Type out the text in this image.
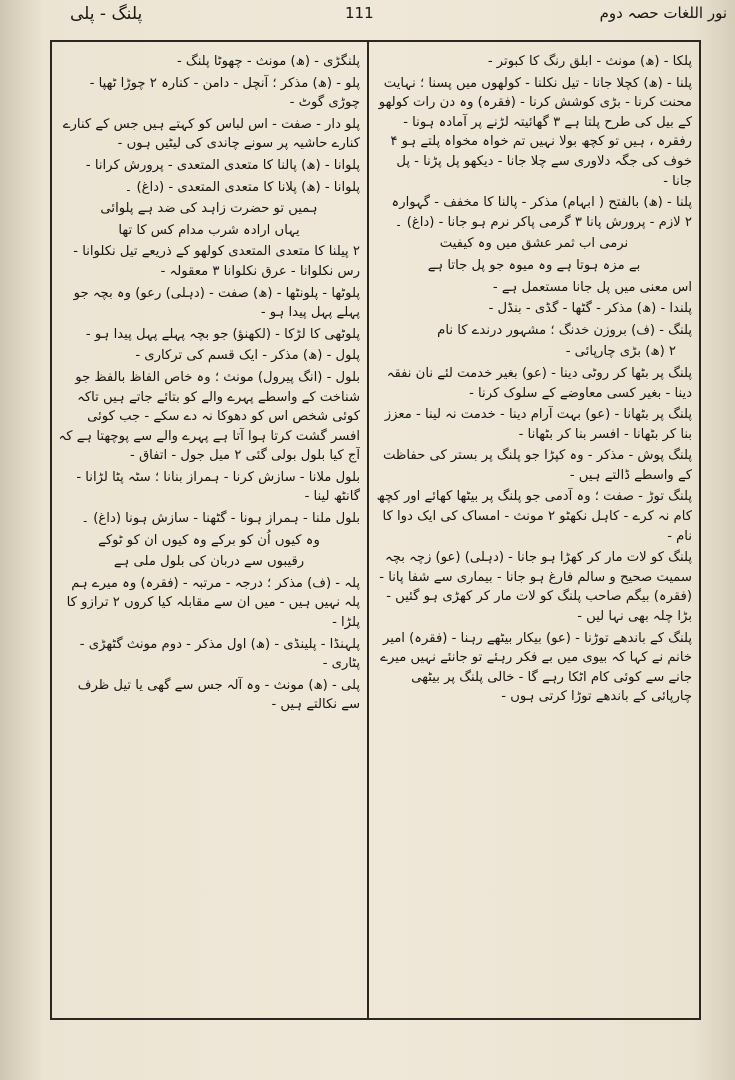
پلنگ - پلی	111	نور اللغات حصہ دوم

پلکا - (ھ) مونث - ابلق رنگ کا کبوتر -

پلنا - (ھ) کچلا جانا - تیل نکلنا - کولھوں میں پسنا ؛ نہایت محنت کرنا - بڑی کوشش کرنا - (فقرہ) وہ دن رات کولھو کے بیل کی طرح پلتا ہے ۳ گھائیتہ لڑنے پر آمادہ ہونا - رفقرہ ، ہیں تو کچھ بولا نہیں تم خواہ مخواہ پلتے ہو ۴ خوف کی جگہ دلاوری سے چلا جانا - دیکھو پل پڑنا - پل جانا -

پلنا - (ھ) بالفتح ( ابہام) مذکر - پالنا کا مخفف - گہوارہ ۲ لازم - پرورش پانا ۳ گرمی پاکر نرم ہو جانا - (داغ) ۔

نرمی اب ثمر عشق میں وہ کیفیت

بے مزہ ہوتا ہے وہ میوہ جو پل جاتا ہے

اس معنی میں پل جانا مستعمل ہے -

پلندا - (ھ) مذکر - گٹھا - گڈی - بنڈل -

پلنگ - (ف) بروزن خدنگ ؛ مشہور درندے کا نام

۲ (ھ) بڑی چارپائی -

پلنگ پر بٹھا کر روٹی دینا - (عو) بغیر خدمت لئے نان نفقہ دینا - بغیر کسی معاوضے کے سلوک کرنا -

پلنگ پر بٹھانا - (عو) بہت آرام دینا - خدمت نہ لینا - معزز بنا کر بٹھانا - افسر بنا کر بٹھانا -

پلنگ پوش - مذکر - وہ کپڑا جو پلنگ پر بستر کی حفاظت کے واسطے ڈالتے ہیں -

پلنگ توڑ - صفت ؛ وہ آدمی جو پلنگ پر بیٹھا کھائے اور کچھ کام نہ کرے - کاہل نکھٹو ۲ مونث - امساک کی ایک دوا کا نام -

پلنگ کو لات مار کر کھڑا ہو جانا - (دہلی) (عو) زچہ بچہ سمیت صحیح و سالم فارغ ہو جانا - بیماری سے شفا پانا - (فقرہ) بیگم صاحب پلنگ کو لات مار کر کھڑی ہو گئیں - بڑا چلہ بھی نہا لیں -

پلنگ کے باندھے توڑنا - (عو) بیکار بیٹھے رہنا - (فقرہ) امیر خانم نے کہا کہ بیوی میں بے فکر رہئے تو جانئے نہیں میرے جانے سے کوئی کام اٹکا رہے گا - خالی پلنگ پر بیٹھی چارپائی کے باندھے توڑا کرتی ہوں -

پلنگڑی - (ھ) مونث - چھوٹا پلنگ -

پلو - (ھ) مذکر ؛ آنچل - دامن - کنارہ ۲ چوڑا ٹھپا - چوڑی گوٹ -

پلو دار - صفت - اس لباس کو کہتے ہیں جس کے کنارے کنارے حاشیہ پر سونے چاندی کی لیٹیں ہوں -

پلوانا - (ھ) پالنا کا متعدی المتعدی - پرورش کرانا -

پلوانا - (ھ) پلانا کا متعدی المتعدی - (داغ) ۔

ہمیں تو حضرت زاہد کی ضد ہے پلوائی

یہاں ارادہ شرب مدام کس کا تھا

۲ پیلنا کا متعدی المتعدی کولھو کے ذریعے تیل نکلوانا - رس نکلوانا - عرق نکلوانا ۳ معقولہ -

پلوٹھا - پلونٹھا - (ھ) صفت - (دہلی) رعو) وہ بچہ جو پہلے پہل پیدا ہو -

پلوٹھی کا لڑکا - (لکھنؤ) جو بچہ پہلے پہل پیدا ہو -

پلول - (ھ) مذکر - ایک قسم کی ترکاری -

بلول - (انگ پیرول) مونث ؛ وہ خاص الفاظ بالفظ جو شناخت کے واسطے پہرے والے کو بتائے جاتے ہیں تاکہ کوئی شخص اس کو دھوکا نہ دے سکے - جب کوئی افسر گشت کرتا ہوا آتا ہے پہرے والے سے پوچھتا ہے کہ آج کیا بلول بولی گئی ۲ میل جول - اتفاق -

بلول ملانا - سازش کرنا - ہمراز بنانا ؛ سٹہ پٹا لڑانا - گانٹھ لینا -

بلول ملنا - ہمراز ہونا - گٹھنا - سازش ہونا (داغ) ۔

وہ کیوں اُن کو برکے وہ کیوں ان کو ٹوکے

رقیبوں سے دربان کی بلول ملی ہے

پلہ - (ف) مذکر ؛ درجہ - مرتبہ - (فقرہ) وہ میرے ہم پلہ نہیں ہیں - میں ان سے مقابلہ کیا کروں ۲ ترازو کا پلڑا -

پلہنڈا - پلینڈی - (ھ) اول مذکر - دوم مونث گٹھڑی - پٹاری -

پلی - (ھ) مونث - وہ آلہ جس سے گھی یا تیل ظرف سے نکالتے ہیں -
